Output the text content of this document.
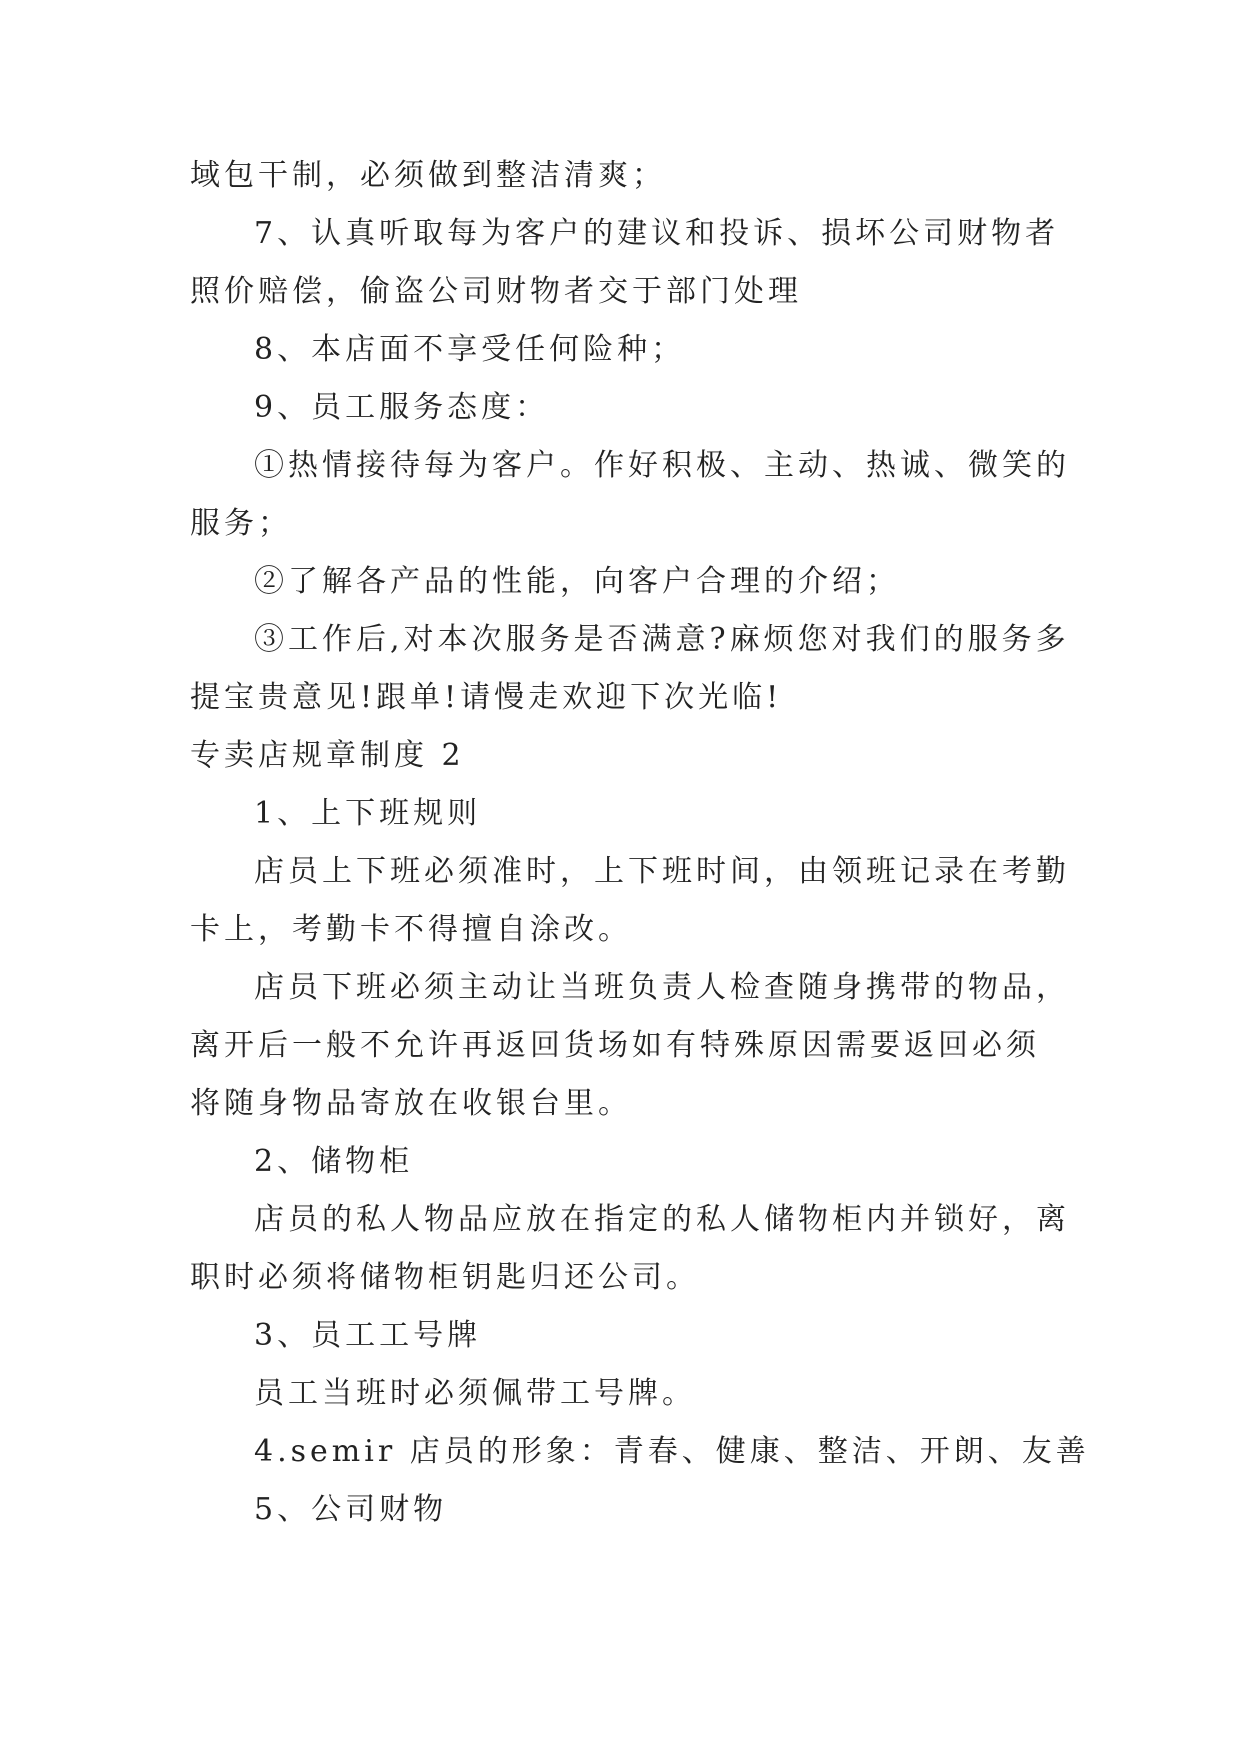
域包干制，必须做到整洁清爽；

7、认真听取每为客户的建议和投诉、损坏公司财物者

照价赔偿，偷盗公司财物者交于部门处理

8、本店面不享受任何险种；

9、员工服务态度：

①热情接待每为客户。作好积极、主动、热诚、微笑的

服务；

②了解各产品的性能，向客户合理的介绍；

③工作后,对本次服务是否满意?麻烦您对我们的服务多

提宝贵意见!跟单!请慢走欢迎下次光临!

专卖店规章制度 2

1、上下班规则

店员上下班必须准时，上下班时间，由领班记录在考勤

卡上，考勤卡不得擅自涂改。

店员下班必须主动让当班负责人检查随身携带的物品，

离开后一般不允许再返回货场如有特殊原因需要返回必须

将随身物品寄放在收银台里。

2、储物柜

店员的私人物品应放在指定的私人储物柜内并锁好，离

职时必须将储物柜钥匙归还公司。

3、员工工号牌

员工当班时必须佩带工号牌。

4.semir 店员的形象：青春、健康、整洁、开朗、友善

5、公司财物
